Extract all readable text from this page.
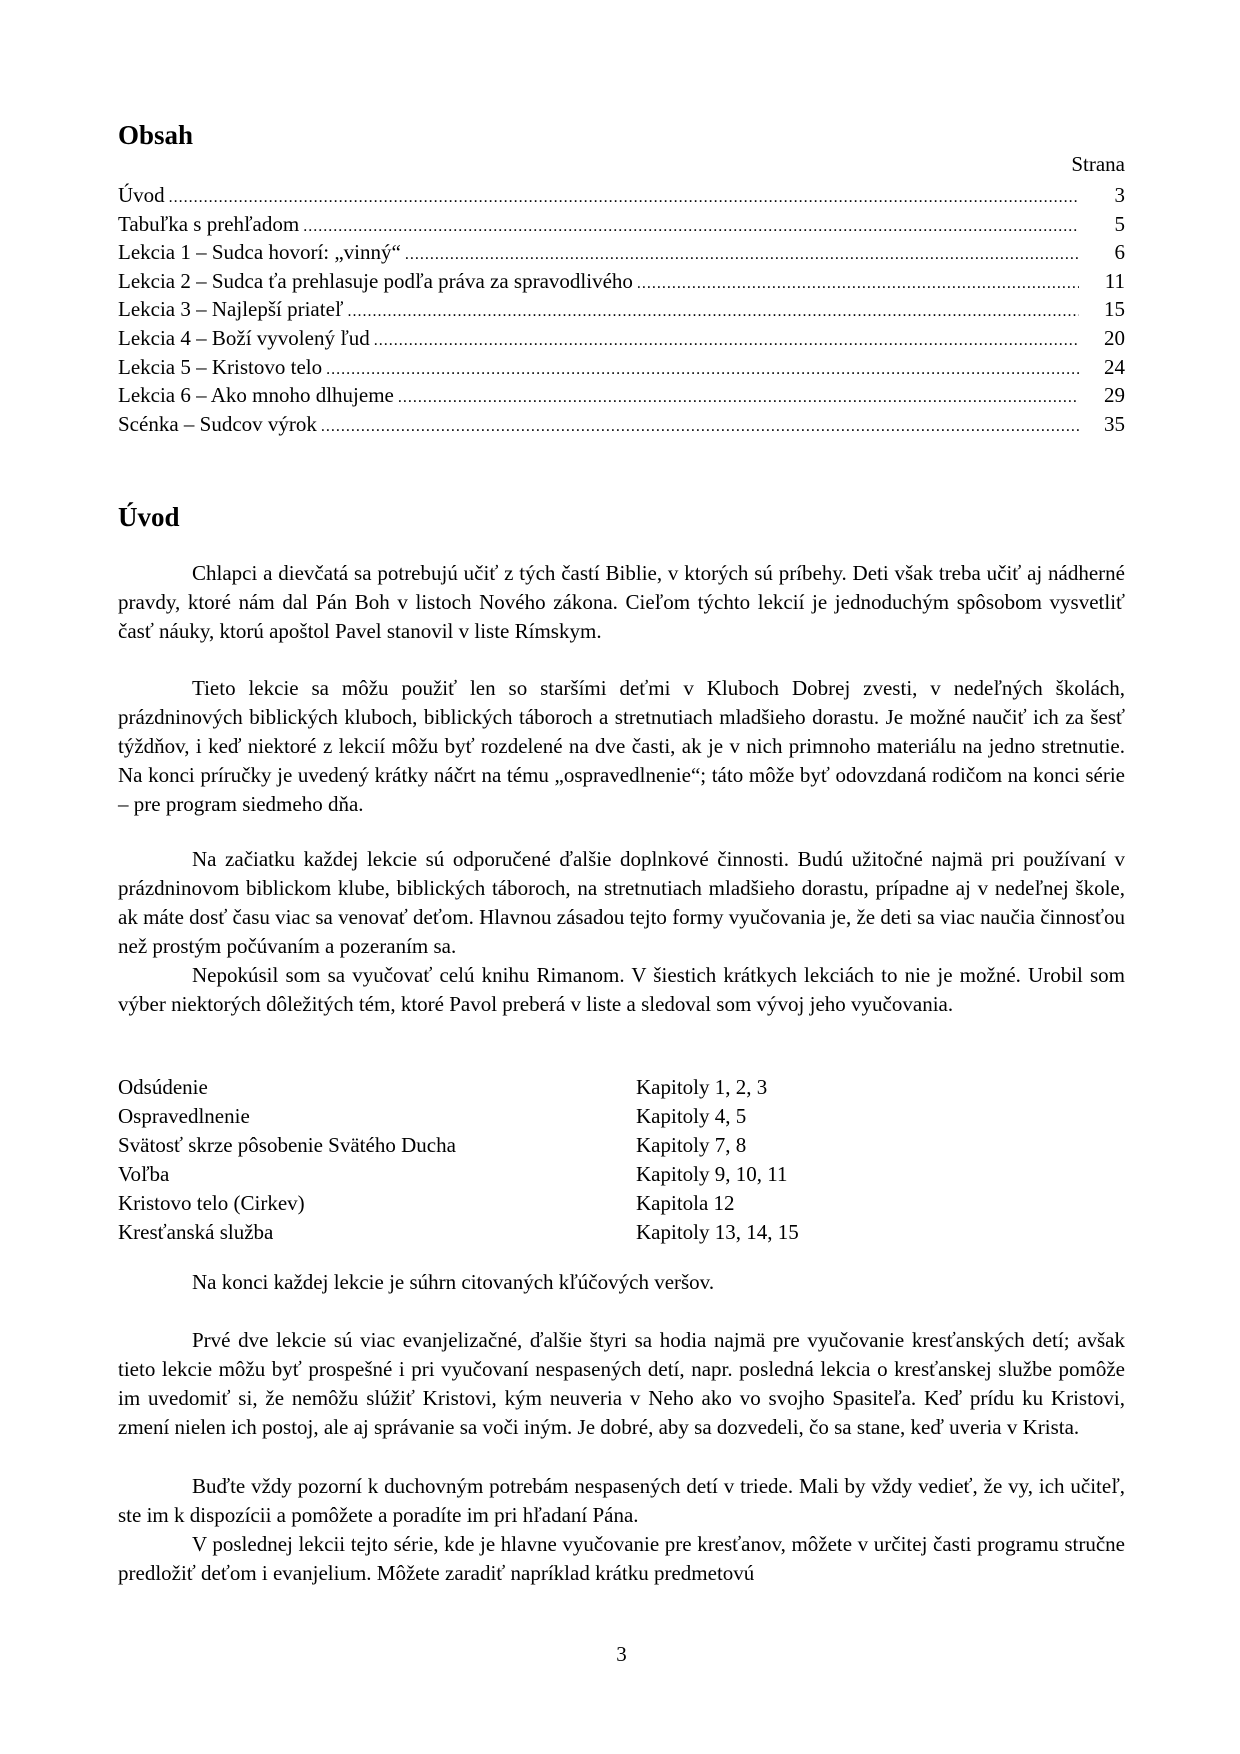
Obsah
Strana
Úvod .....	3
Tabuľka s prehľadom .....	5
Lekcia 1 – Sudca hovorí: „vinný“ .....	6
Lekcia 2 – Sudca ťa prehlasuje podľa práva za spravodlivého .....	11
Lekcia 3 – Najlepší priateľ .....	15
Lekcia 4 – Boží vyvolený ľud .....	20
Lekcia 5 – Kristovo telo .....	24
Lekcia 6 – Ako mnoho dlhujeme .....	29
Scénka – Sudcov výrok .....	35
Úvod

Chlapci a dievčatá sa potrebujú učiť z tých častí Biblie, v ktorých sú príbehy. Deti však treba učiť aj nádherné pravdy, ktoré nám dal Pán Boh v listoch Nového zákona. Cieľom týchto lekcií je jednoduchým spôsobom vysvetliť časť náuky, ktorú apoštol Pavel stanovil v liste Rímskym.

Tieto lekcie sa môžu použiť len so staršími deťmi v Kluboch Dobrej zvesti, v nedeľných školách, prázdninových biblických kluboch, biblických táboroch a stretnutiach mladšieho dorastu. Je možné naučiť ich za šesť týždňov, i keď niektoré z lekcií môžu byť rozdelené na dve časti, ak je v nich primnoho materiálu na jedno stretnutie. Na konci príručky je uvedený krátky náčrt na tému „ospravedlnenie“; táto môže byť odovzdaná rodičom na konci série – pre program siedmeho dňa.

Na začiatku každej lekcie sú odporučené ďalšie doplnkové činnosti. Budú užitočné najmä pri používaní v prázdninovom biblickom klube, biblických táboroch, na stretnutiach mladšieho dorastu, prípadne aj v nedeľnej škole, ak máte dosť času viac sa venovať deťom. Hlavnou zásadou tejto formy vyučovania je, že deti sa viac naučia činnosťou než prostým počúvaním a pozeraním sa.

Nepokúsil som sa vyučovať celú knihu Rimanom. V šiestich krátkych lekciách to nie je možné. Urobil som výber niektorých dôležitých tém, ktoré Pavol preberá v liste a sledoval som vývoj jeho vyučovania.

Odsúdenie	Kapitoly 1, 2, 3
Ospravedlnenie	Kapitoly 4, 5
Svätosť skrze pôsobenie Svätého Ducha	Kapitoly 7, 8
Voľba	Kapitoly 9, 10, 11
Kristovo telo (Cirkev)	Kapitola 12
Kresťanská služba	Kapitoly 13, 14, 15

Na konci každej lekcie je súhrn citovaných kľúčových veršov.

Prvé dve lekcie sú viac evanjelizačné, ďalšie štyri sa hodia najmä pre vyučovanie kresťanských detí; avšak tieto lekcie môžu byť prospešné i pri vyučovaní nespasených detí, napr. posledná lekcia o kresťanskej službe pomôže im uvedomiť si, že nemôžu slúžiť Kristovi, kým neuveria v Neho ako vo svojho Spasiteľa. Keď prídu ku Kristovi, zmení nielen ich postoj, ale aj správanie sa voči iným. Je dobré, aby sa dozvedeli, čo sa stane, keď uveria v Krista.

Buďte vždy pozorní k duchovným potrebám nespasených detí v triede. Mali by vždy vedieť, že vy, ich učiteľ, ste im k dispozícii a pomôžete a poradíte im pri hľadaní Pána.

V poslednej lekcii tejto série, kde je hlavne vyučovanie pre kresťanov, môžete v určitej časti programu stručne predložiť deťom i evanjelium. Môžete zaradiť napríklad krátku predmetovú

3
